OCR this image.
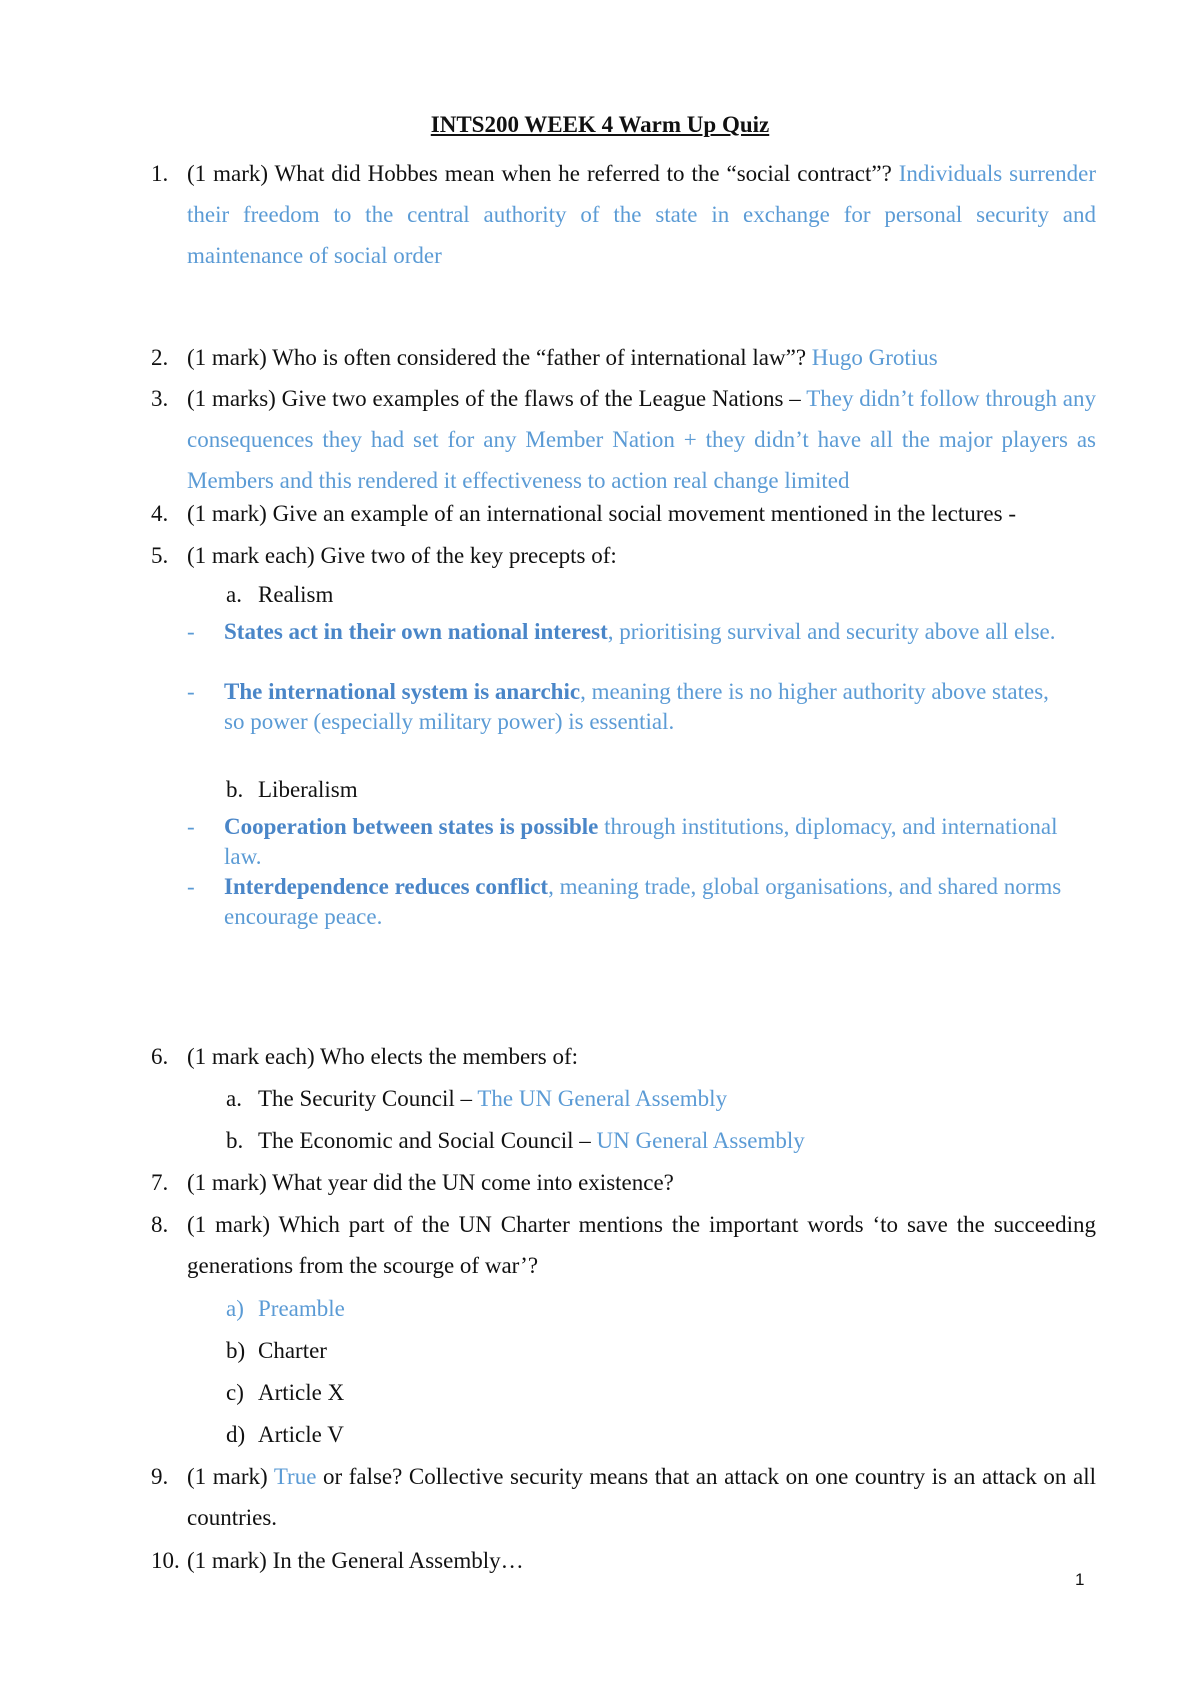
INTS200 WEEK 4 Warm Up Quiz
1. (1 mark) What did Hobbes mean when he referred to the “social contract”? Individuals surrender their freedom to the central authority of the state in exchange for personal security and maintenance of social order
2. (1 mark) Who is often considered the “father of international law”? Hugo Grotius
3. (1 marks) Give two examples of the flaws of the League Nations – They didn’t follow through any consequences they had set for any Member Nation + they didn’t have all the major players as Members and this rendered it effectiveness to action real change limited
4. (1 mark) Give an example of an international social movement mentioned in the lectures -
5. (1 mark each) Give two of the key precepts of:
a. Realism
- States act in their own national interest, prioritising survival and security above all else.
- The international system is anarchic, meaning there is no higher authority above states, so power (especially military power) is essential.
b. Liberalism
- Cooperation between states is possible through institutions, diplomacy, and international law.
- Interdependence reduces conflict, meaning trade, global organisations, and shared norms encourage peace.
6. (1 mark each) Who elects the members of:
a. The Security Council – The UN General Assembly
b. The Economic and Social Council – UN General Assembly
7. (1 mark) What year did the UN come into existence?
8. (1 mark) Which part of the UN Charter mentions the important words ‘to save the succeeding generations from the scourge of war’?
a) Preamble
b) Charter
c) Article X
d) Article V
9. (1 mark) True or false? Collective security means that an attack on one country is an attack on all countries.
10. (1 mark) In the General Assembly…
1
